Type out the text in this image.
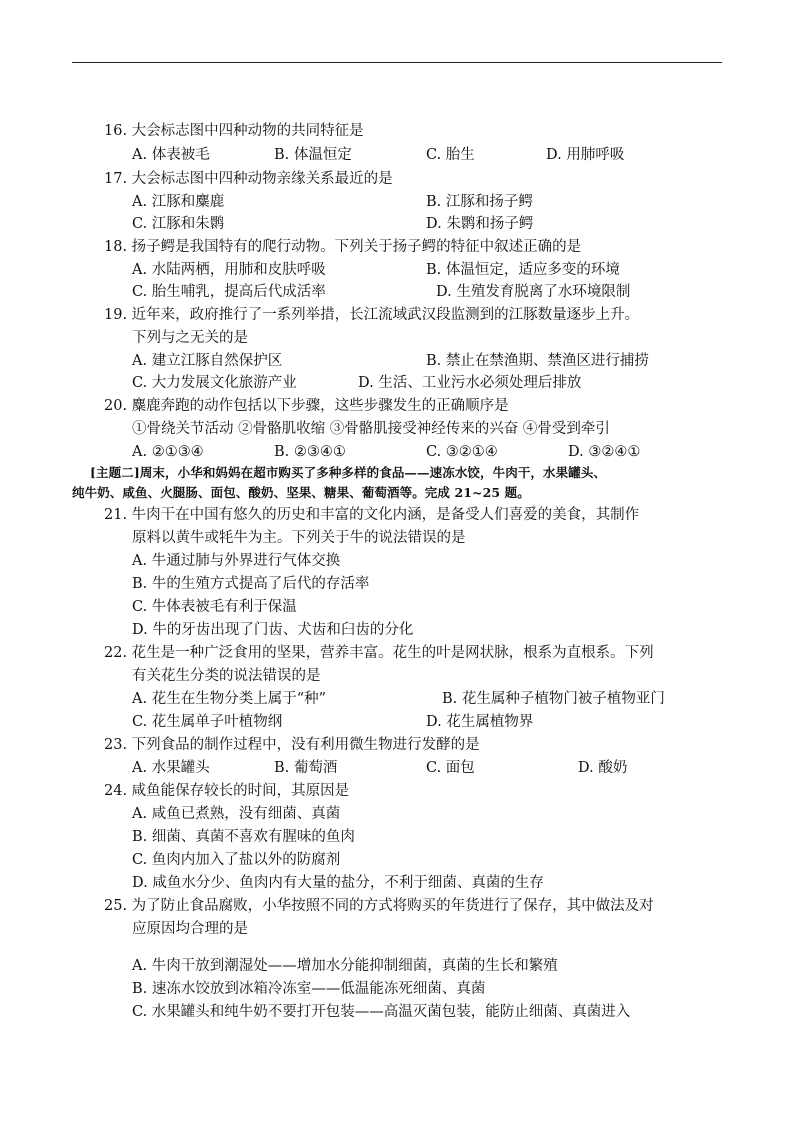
16. 大会标志图中四种动物的共同特征是
A. 体表被毛	B. 体温恒定	C. 胎生	D. 用肺呼吸
17. 大会标志图中四种动物亲缘关系最近的是
A. 江豚和麋鹿	B. 江豚和扬子鳄
C. 江豚和朱鹮	D. 朱鹮和扬子鳄
18. 扬子鳄是我国特有的爬行动物。下列关于扬子鳄的特征中叙述正确的是
A. 水陆两栖，用肺和皮肤呼吸	B. 体温恒定，适应多变的环境
C. 胎生哺乳，提高后代成活率	D. 生殖发育脱离了水环境限制
19. 近年来，政府推行了一系列举措，长江流域武汉段监测到的江豚数量逐步上升。
下列与之无关的是
A. 建立江豚自然保护区	B. 禁止在禁渔期、禁渔区进行捕捞
C. 大力发展文化旅游产业	D. 生活、工业污水必须处理后排放
20. 麋鹿奔跑的动作包括以下步骤，这些步骤发生的正确顺序是
①骨绕关节活动 ②骨骼肌收缩 ③骨骼肌接受神经传来的兴奋 ④骨受到牵引
A. ②①③④	B. ②③④①	C. ③②①④	D. ③②④①
[主题二]周末，小华和妈妈在超市购买了多种多样的食品——速冻水饺，牛肉干，水果罐头、
纯牛奶、咸鱼、火腿肠、面包、酸奶、坚果、糖果、葡萄酒等。完成 21~25 题。
21. 牛肉干在中国有悠久的历史和丰富的文化内涵，是备受人们喜爱的美食，其制作
原料以黄牛或牦牛为主。下列关于牛的说法错误的是
A. 牛通过肺与外界进行气体交换
B. 牛的生殖方式提高了后代的存活率
C. 牛体表被毛有利于保温
D. 牛的牙齿出现了门齿、犬齿和臼齿的分化
22. 花生是一种广泛食用的坚果，营养丰富。花生的叶是网状脉，根系为直根系。下列
有关花生分类的说法错误的是
A. 花生在生物分类上属于“种”	B. 花生属种子植物门被子植物亚门
C. 花生属单子叶植物纲	D. 花生属植物界
23. 下列食品的制作过程中，没有利用微生物进行发酵的是
A. 水果罐头	B. 葡萄酒	C. 面包	D. 酸奶
24. 咸鱼能保存较长的时间，其原因是
A. 咸鱼已煮熟，没有细菌、真菌
B. 细菌、真菌不喜欢有腥味的鱼肉
C. 鱼肉内加入了盐以外的防腐剂
D. 咸鱼水分少、鱼肉内有大量的盐分，不利于细菌、真菌的生存
25. 为了防止食品腐败，小华按照不同的方式将购买的年货进行了保存，其中做法及对
应原因均合理的是
A. 牛肉干放到潮湿处——增加水分能抑制细菌，真菌的生长和繁殖
B. 速冻水饺放到冰箱冷冻室——低温能冻死细菌、真菌
C. 水果罐头和纯牛奶不要打开包装——高温灭菌包装，能防止细菌、真菌进入
